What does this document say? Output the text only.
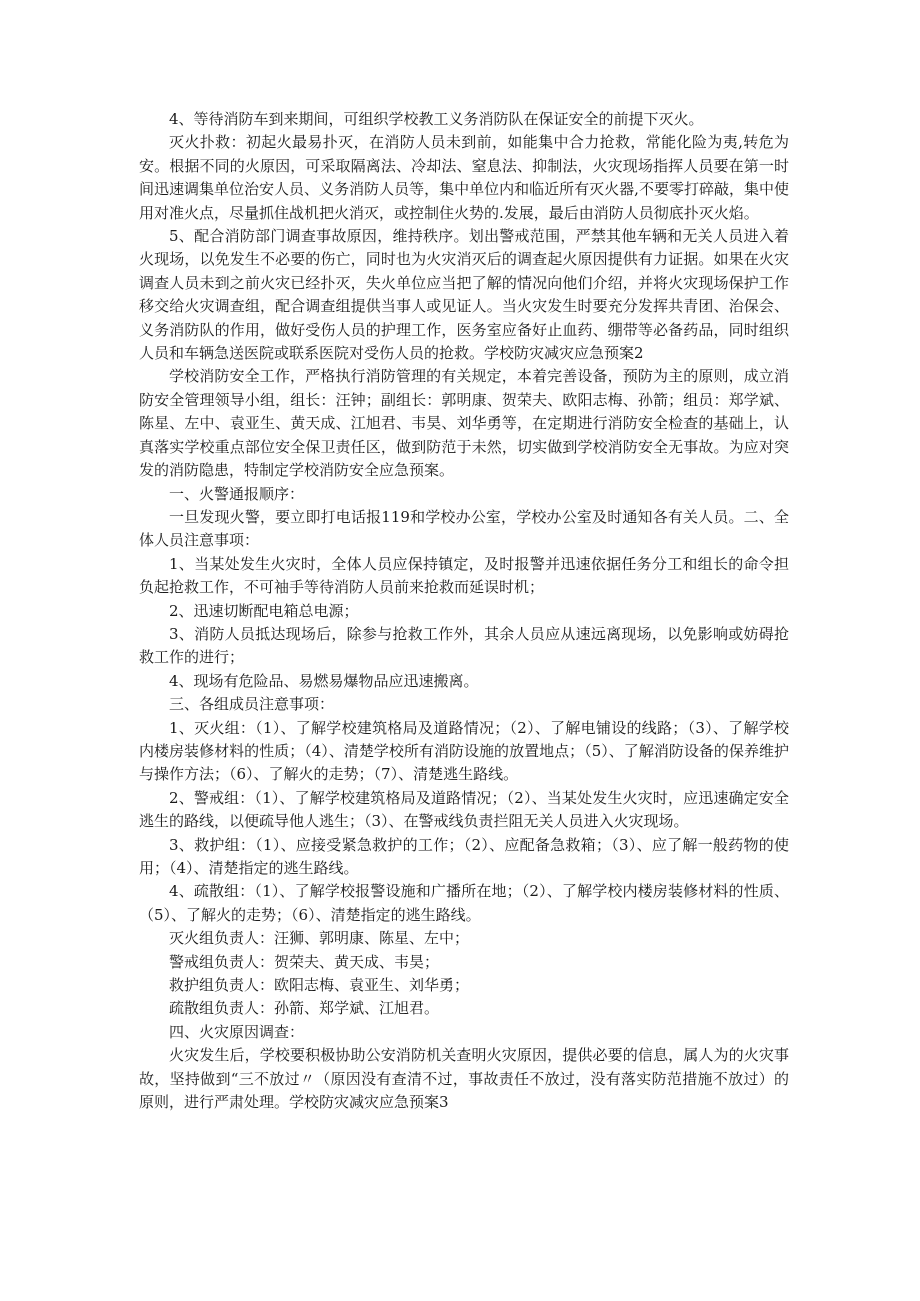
4、等待消防车到来期间，可组织学校教工义务消防队在保证安全的前提下灭火。

灭火扑救：初起火最易扑灭，在消防人员未到前，如能集中合力抢救，常能化险为夷,转危为安。根据不同的火原因，可采取隔离法、冷却法、窒息法、抑制法，火灾现场指挥人员要在第一时间迅速调集单位治安人员、义务消防人员等，集中单位内和临近所有灭火器,不要零打碎敲，集中使用对准火点，尽量抓住战机把火消灭，或控制住火势的.发展，最后由消防人员彻底扑灭火焰。

5、配合消防部门调查事故原因，维持秩序。划出警戒范围，严禁其他车辆和无关人员进入着火现场，以免发生不必要的伤亡，同时也为火灾消灭后的调查起火原因提供有力证据。如果在火灾调查人员未到之前火灾已经扑灭，失火单位应当把了解的情况向他们介绍，并将火灾现场保护工作移交给火灾调查组，配合调查组提供当事人或见证人。当火灾发生时要充分发挥共青团、治保会、义务消防队的作用，做好受伤人员的护理工作，医务室应备好止血药、绷带等必备药品，同时组织人员和车辆急送医院或联系医院对受伤人员的抢救。学校防灾减灾应急预案2

学校消防安全工作，严格执行消防管理的有关规定，本着完善设备，预防为主的原则，成立消防安全管理领导小组，组长：汪钟；副组长：郭明康、贺荣夫、欧阳志梅、孙箭；组员：郑学斌、陈星、左中、袁亚生、黄天成、江旭君、韦昊、刘华勇等，在定期进行消防安全检查的基础上，认真落实学校重点部位安全保卫责任区，做到防范于未然，切实做到学校消防安全无事故。为应对突发的消防隐患，特制定学校消防安全应急预案。

一、火警通报顺序：

一旦发现火警，要立即打电话报119和学校办公室，学校办公室及时通知各有关人员。二、全体人员注意事项：

1、当某处发生火灾时，全体人员应保持镇定，及时报警并迅速依据任务分工和组长的命令担负起抢救工作，不可袖手等待消防人员前来抢救而延误时机；

2、迅速切断配电箱总电源；

3、消防人员抵达现场后，除参与抢救工作外，其余人员应从速远离现场，以免影响或妨碍抢救工作的进行；

4、现场有危险品、易燃易爆物品应迅速搬离。

三、各组成员注意事项：

1、灭火组：（1）、了解学校建筑格局及道路情况；（2）、了解电铺设的线路；（3）、了解学校内楼房装修材料的性质；（4）、清楚学校所有消防设施的放置地点；（5）、了解消防设备的保养维护与操作方法；（6）、了解火的走势；（7）、清楚逃生路线。

2、警戒组：（1）、了解学校建筑格局及道路情况；（2）、当某处发生火灾时，应迅速确定安全逃生的路线，以便疏导他人逃生；（3）、在警戒线负责拦阻无关人员进入火灾现场。

3、救护组：（1）、应接受紧急救护的工作；（2）、应配备急救箱；（3）、应了解一般药物的使用；（4）、清楚指定的逃生路线。

4、疏散组：（1）、了解学校报警设施和广播所在地；（2）、了解学校内楼房装修材料的性质、（5）、了解火的走势；（6）、清楚指定的逃生路线。

灭火组负责人：汪狮、郭明康、陈星、左中；

警戒组负责人：贺荣夫、黄天成、韦昊；

救护组负责人：欧阳志梅、袁亚生、刘华勇；

疏散组负责人：孙箭、郑学斌、江旭君。

四、火灾原因调查：

火灾发生后，学校要积极协助公安消防机关查明火灾原因，提供必要的信息，属人为的火灾事故，坚持做到“三不放过〃（原因没有查清不过，事故责任不放过，没有落实防范措施不放过）的原则，进行严肃处理。学校防灾减灾应急预案3
